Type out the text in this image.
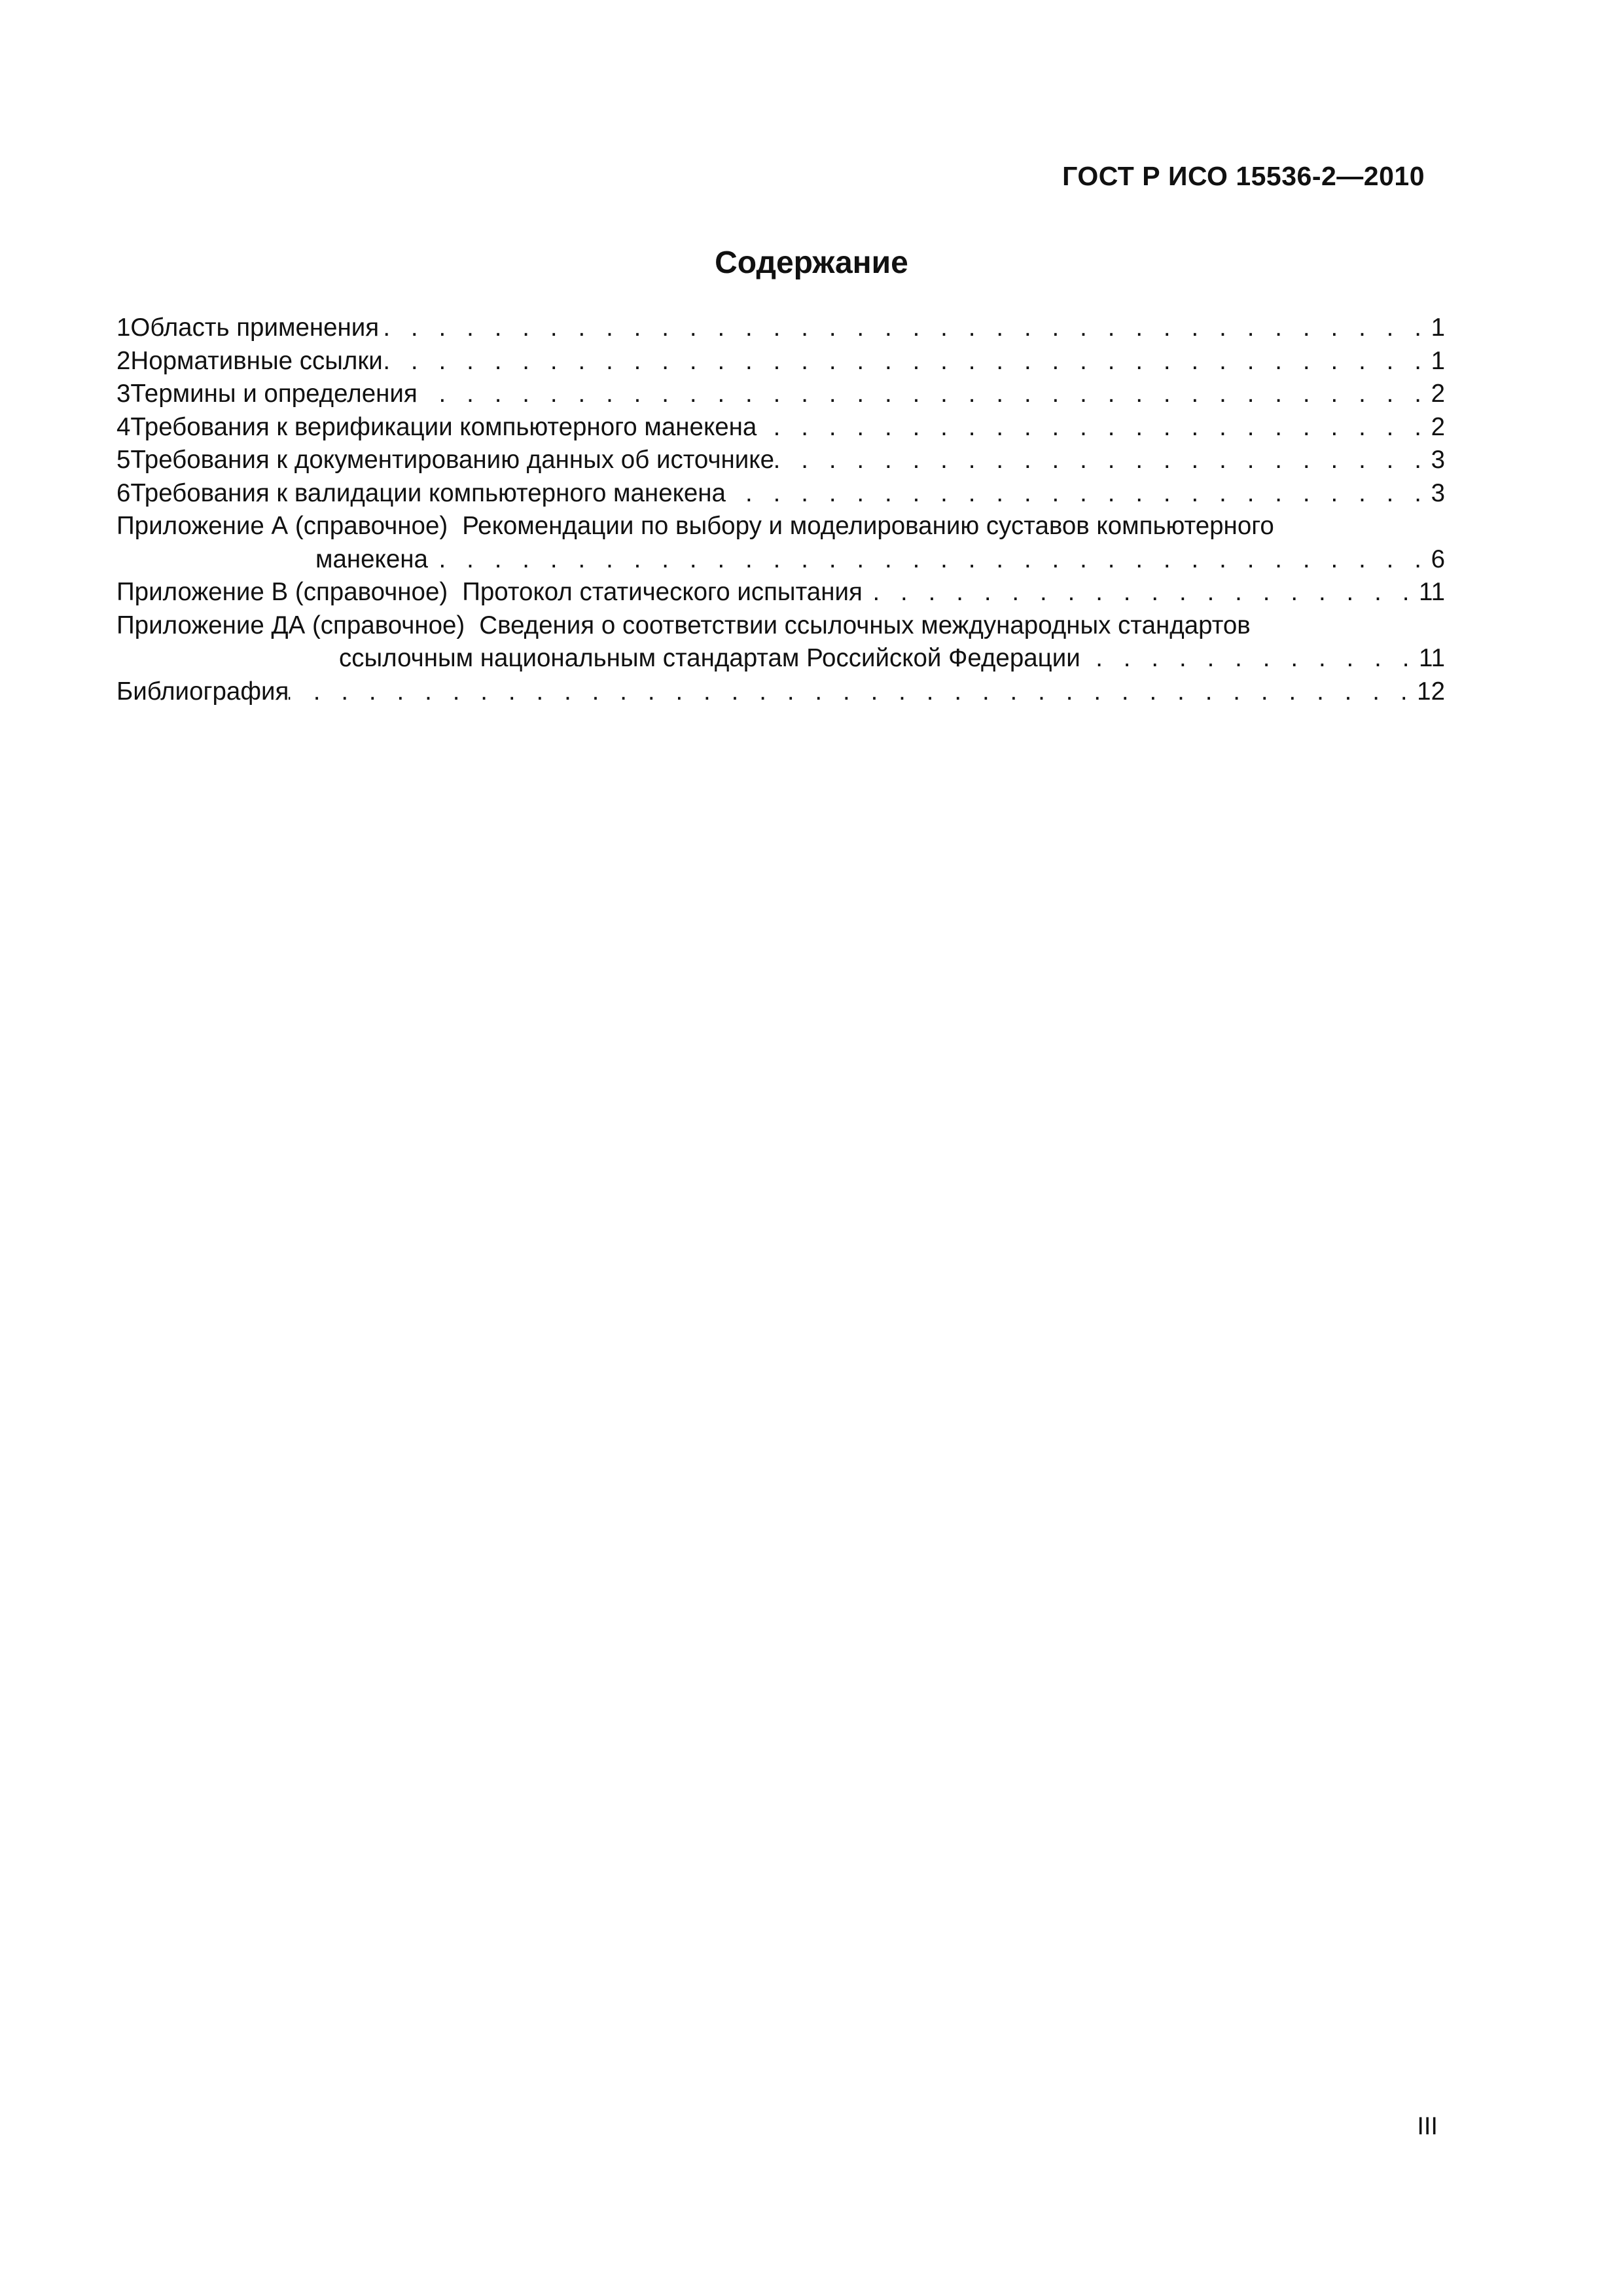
ГОСТ Р ИСО 15536-2—2010
Содержание
1 Область применения . . .	1
2 Нормативные ссылки . . .	1
3 Термины и определения . . .	2
4 Требования к верификации компьютерного манекена . . .	2
5 Требования к документированию данных об источнике . . .	3
6 Требования к валидации компьютерного манекена . . .	3
Приложение А (справочное) Рекомендации по выбору и моделированию суставов компьютерного
манекена . . .	6
Приложение В (справочное) Протокол статического испытания . . .	11
Приложение ДА (справочное) Сведения о соответствии ссылочных международных стандартов
ссылочным национальным стандартам Российской Федерации . . .	11
Библиография . . .	12
III
